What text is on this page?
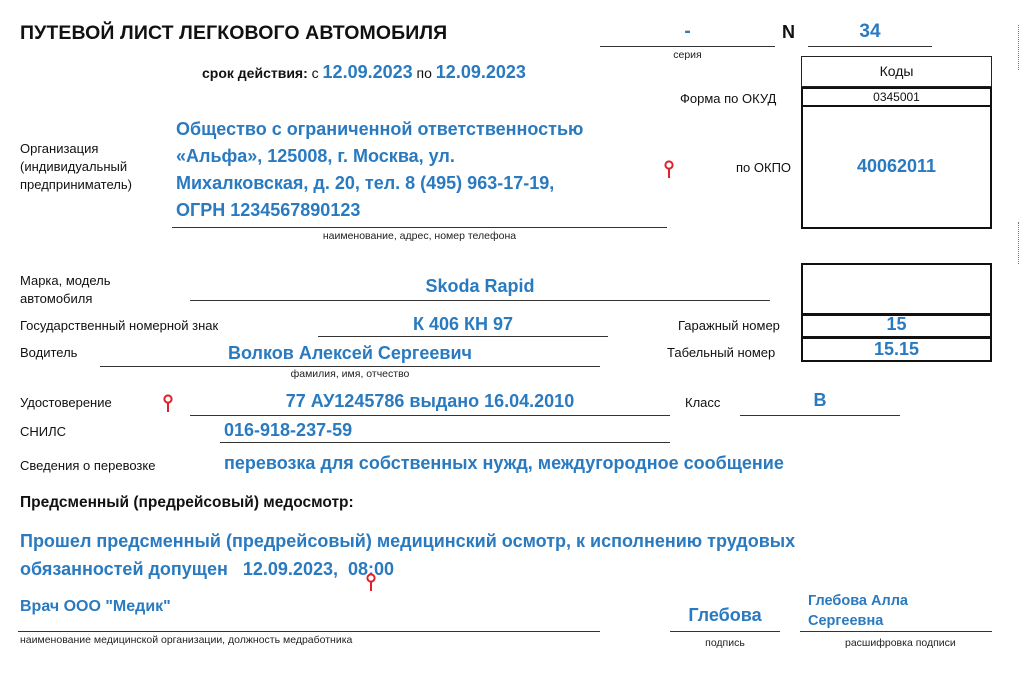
ПУТЕВОЙ ЛИСТ ЛЕГКОВОГО АВТОМОБИЛЯ	-
серия
N	34
срок действия: с 12.09.2023 по 12.09.2023	Коды
Форма по ОКУД	0345001
по ОКПО	40062011
Организация
(индивидуальный
предприниматель)
Общество с ограниченной ответственностью
«Альфа», 125008, г. Москва, ул.
Михалковская, д. 20, тел. 8 (495) 963-17-19,
ОГРН 1234567890123
наименование, адрес, номер телефона
Марка, модель
автомобиля
Skoda Rapid
Государственный номерной знак	К 406 КН 97	Гаражный номер	15
Водитель	Волков Алексей Сергеевич
фамилия, имя, отчество
Табельный номер	15.15
Удостоверение	77 АУ1245786 выдано 16.04.2010	Класс	B
СНИЛС	016-918-237-59
Сведения о перевозке	перевозка для собственных нужд, междугородное сообщение
Предсменный (предрейсовый) медосмотр:
Прошел предсменный (предрейсовый) медицинский осмотр, к исполнению трудовых
обязанностей допущен   12.09.2023,  08:00
Врач ООО "Медик"
наименование медицинской организации, должность медработника
Глебова
подпись
Глебова Алла
Сергеевна
расшифровка подписи
